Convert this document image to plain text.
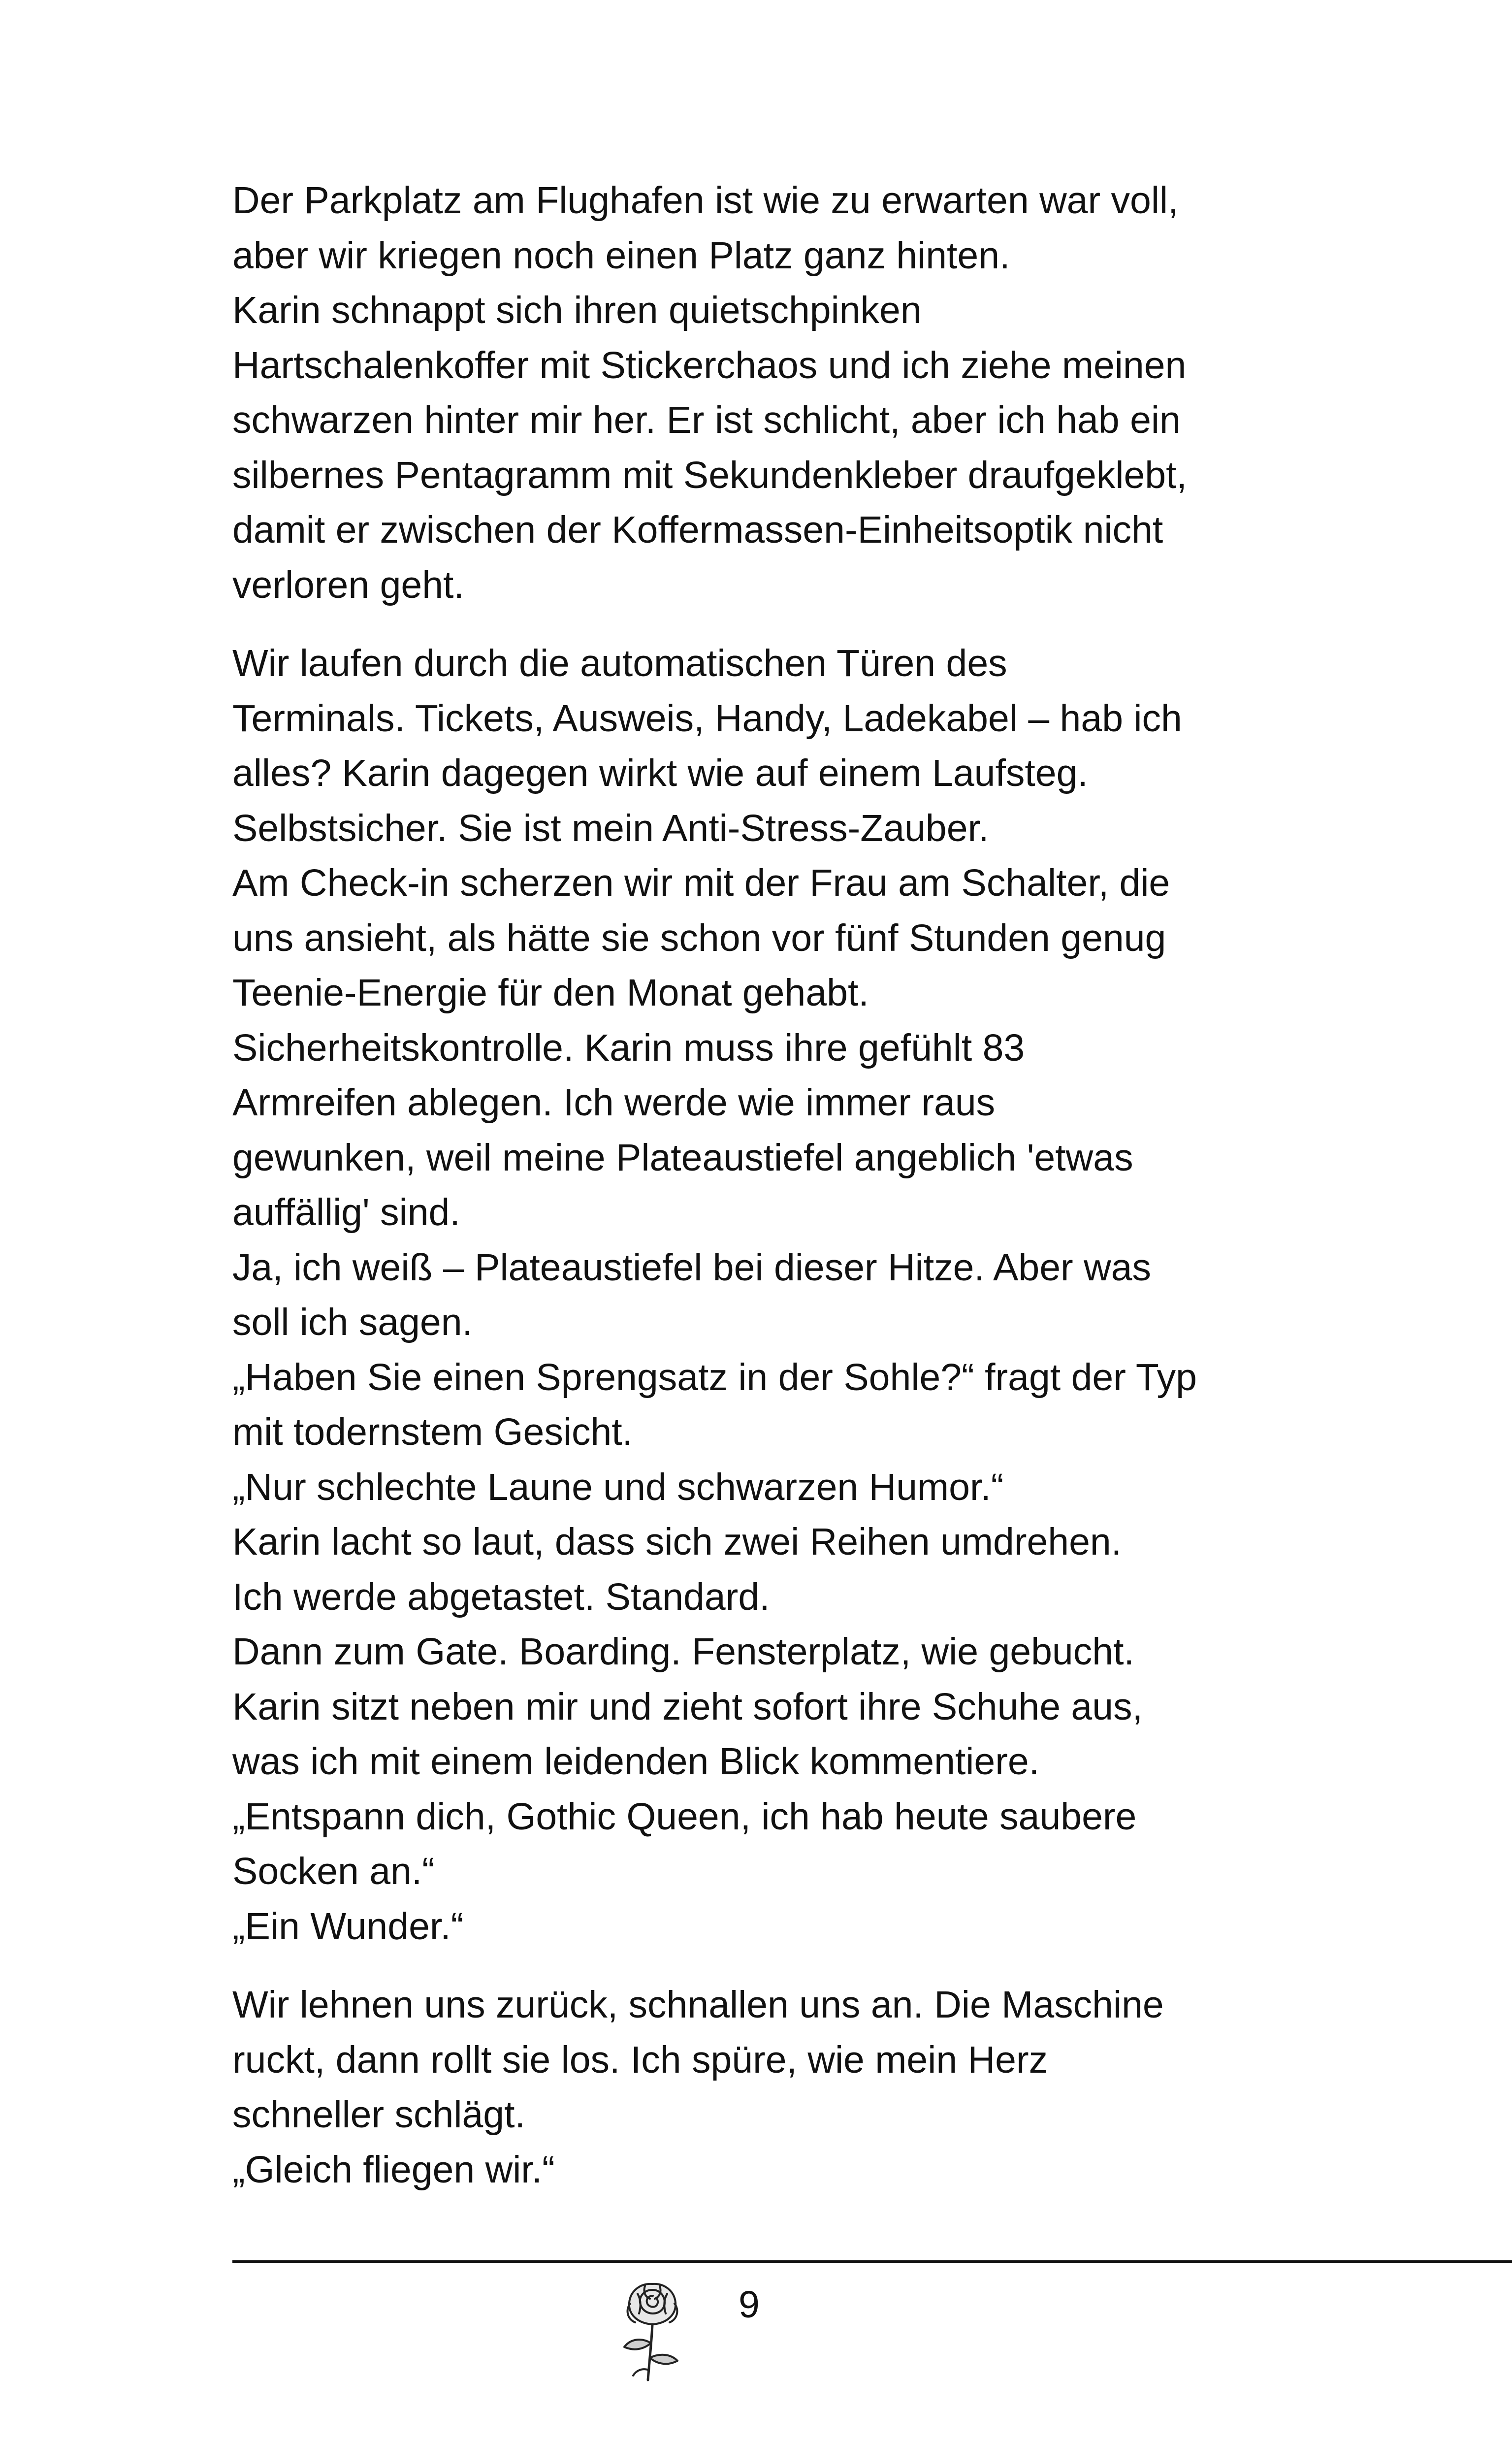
Der Parkplatz am Flughafen ist wie zu erwarten war voll,
aber wir kriegen noch einen Platz ganz hinten.
Karin schnappt sich ihren quietschpinken
Hartschalenkoffer mit Stickerchaos und ich ziehe meinen
schwarzen hinter mir her. Er ist schlicht, aber ich hab ein
silbernes Pentagramm mit Sekundenkleber draufgeklebt,
damit er zwischen der Koffermassen-Einheitsoptik nicht
verloren geht.

Wir laufen durch die automatischen Türen des
Terminals. Tickets, Ausweis, Handy, Ladekabel – hab ich
alles? Karin dagegen wirkt wie auf einem Laufsteg.
Selbstsicher. Sie ist mein Anti-Stress-Zauber.
Am Check-in scherzen wir mit der Frau am Schalter, die
uns ansieht, als hätte sie schon vor fünf Stunden genug
Teenie-Energie für den Monat gehabt.
Sicherheitskontrolle. Karin muss ihre gefühlt 83
Armreifen ablegen. Ich werde wie immer raus
gewunken, weil meine Plateaustiefel angeblich 'etwas
auffällig' sind.
Ja, ich weiß – Plateaustiefel bei dieser Hitze. Aber was
soll ich sagen.
„Haben Sie einen Sprengsatz in der Sohle?“ fragt der Typ
mit todernstem Gesicht.
„Nur schlechte Laune und schwarzen Humor.“
Karin lacht so laut, dass sich zwei Reihen umdrehen.
Ich werde abgetastet. Standard.
Dann zum Gate. Boarding. Fensterplatz, wie gebucht.
Karin sitzt neben mir und zieht sofort ihre Schuhe aus,
was ich mit einem leidenden Blick kommentiere.
„Entspann dich, Gothic Queen, ich hab heute saubere
Socken an.“
„Ein Wunder.“

Wir lehnen uns zurück, schnallen uns an. Die Maschine
ruckt, dann rollt sie los. Ich spüre, wie mein Herz
schneller schlägt.
„Gleich fliegen wir.“

9
